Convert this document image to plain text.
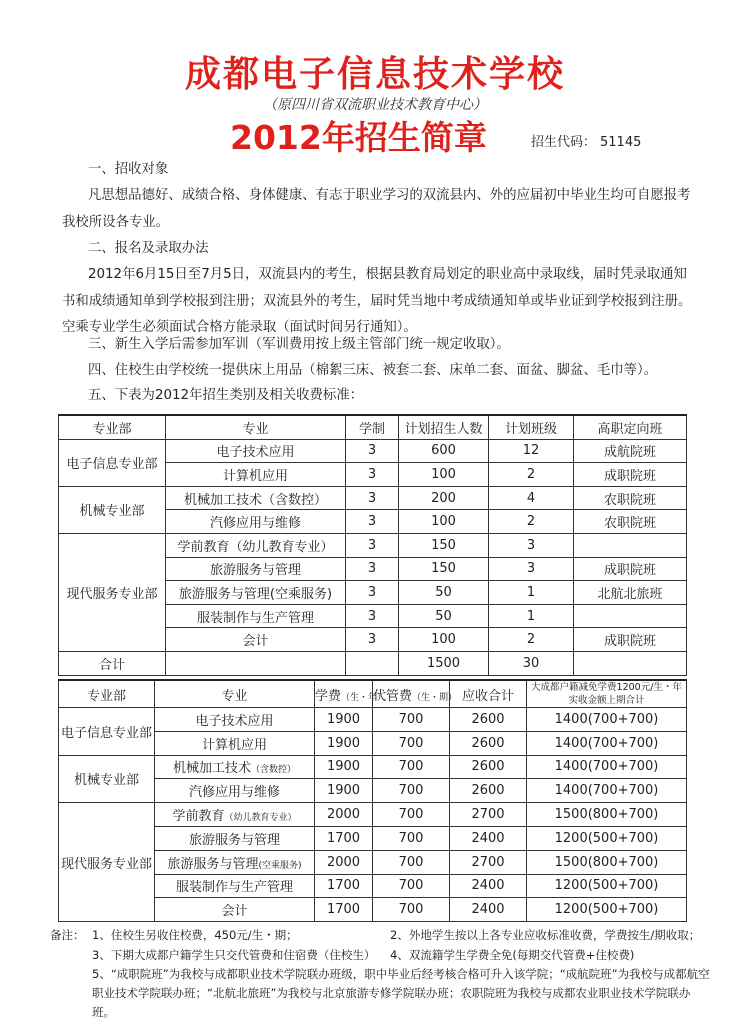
成都电子信息技术学校
（原四川省双流职业技术教育中心）
2012年招生简章	招生代码： 51145

一、招收对象

凡思想品德好、成绩合格、身体健康、有志于职业学习的双流县内、外的应届初中毕业生均可自愿报考我校所设各专业。

二、报名及录取办法

2012年6月15日至7月5日，双流县内的考生，根据县教育局划定的职业高中录取线，届时凭录取通知书和成绩通知单到学校报到注册；双流县外的考生，届时凭当地中考成绩通知单或毕业证到学校报到注册。空乘专业学生必须面试合格方能录取（面试时间另行通知）。

三、新生入学后需参加军训（军训费用按上级主管部门统一规定收取）。

四、住校生由学校统一提供床上用品（棉絮三床、被套二套、床单二套、面盆、脚盆、毛巾等）。

五、下表为2012年招生类别及相关收费标准：

专业部	专业	学制	计划招生人数	计划班级	高职定向班
电子信息专业部	电子技术应用	3	600	12	成航院班
	计算机应用	3	100	2	成职院班
机械专业部	机械加工技术（含数控）	3	200	4	农职院班
	汽修应用与维修	3	100	2	农职院班
现代服务专业部	学前教育（幼儿教育专业）	3	150	3	
	旅游服务与管理	3	150	3	成职院班
	旅游服务与管理(空乘服务)	3	50	1	北航北旅班
	服装制作与生产管理	3	50	1	
	会计	3	100	2	成职院班
合计			1500	30	
专业部	专业	学费（生・年）	代管费（生・期）	应收合计	大成都户籍减免学费1200元/生・年实收金额上期合计
电子信息专业部	电子技术应用	1900	700	2600	1400(700+700)
	计算机应用	1900	700	2600	1400(700+700)
机械专业部	机械加工技术（含数控）	1900	700	2600	1400(700+700)
	汽修应用与维修	1900	700	2600	1400(700+700)
现代服务专业部	学前教育（幼儿教育专业）	2000	700	2700	1500(800+700)
	旅游服务与管理	1700	700	2400	1200(500+700)
	旅游服务与管理(空乘服务)	2000	700	2700	1500(800+700)
	服装制作与生产管理	1700	700	2400	1200(500+700)
	会计	1700	700	2400	1200(500+700)
备注： 1、住校生另收住校费，450元/生・期；	2、外地学生按以上各专业应收标准收费，学费按生/期收取；
3、下期大成都户籍学生只交代管费和住宿费（住校生） 4、双流籍学生学费全免(每期交代管费+住校费)
5、“成职院班”为我校与成都职业技术学院联办班级，职中毕业后经考核合格可升入该学院；“成航院班”为我校与成都航空职业技术学院联办班；“北航北旅班”为我校与北京旅游专修学院联办班；农职院班为我校与成都农业职业技术学院联办班。
